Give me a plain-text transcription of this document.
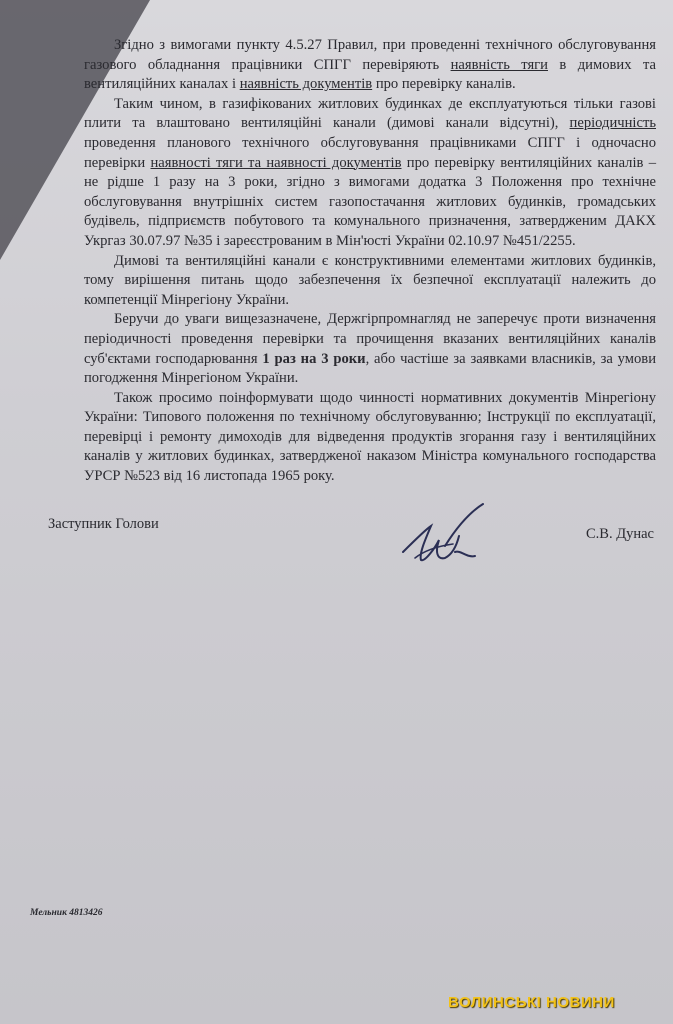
Згідно з вимогами пункту 4.5.27 Правил, при проведенні технічного обслуговування газового обладнання працівники СПГГ перевіряють наявність тяги в димових та вентиляційних каналах і наявність документів про перевірку каналів.

Таким чином, в газифікованих житлових будинках де експлуатуються тільки газові плити та влаштовано вентиляційні канали (димові канали відсутні), періодичність проведення планового технічного обслуговування працівниками СПГГ і одночасно перевірки наявності тяги та наявності документів про перевірку вентиляційних каналів – не рідше 1 разу на 3 роки, згідно з вимогами додатка 3 Положення про технічне обслуговування внутрішніх систем газопостачання житлових будинків, громадських будівель, підприємств побутового та комунального призначення, затвердженим ДАКХ Укргаз 30.07.97 №35 і зареєстрованим в Мін'юсті України 02.10.97 №451/2255.

Димові та вентиляційні канали є конструктивними елементами житлових будинків, тому вирішення питань щодо забезпечення їх безпечної експлуатації належить до компетенції Мінрегіону України.

Беручи до уваги вищезазначене, Держгірпромнагляд не заперечує проти визначення періодичності проведення перевірки та прочищення вказаних вентиляційних каналів суб'єктами господарювання 1 раз на 3 роки, або частіше за заявками власників, за умови погодження Мінрегіоном України.

Також просимо поінформувати щодо чинності нормативних документів Мінрегіону України: Типового положення по технічному обслуговуванню; Інструкції по експлуатації, перевірці і ремонту димоходів для відведення продуктів згорання газу і вентиляційних каналів у житлових будинках, затвердженої наказом Міністра комунального господарства УРСР №523 від 16 листопада 1965 року.

Заступник Голови
С.В. Дунас
Мельник 4813426
ВОЛИНСЬКІ НОВИНИ
